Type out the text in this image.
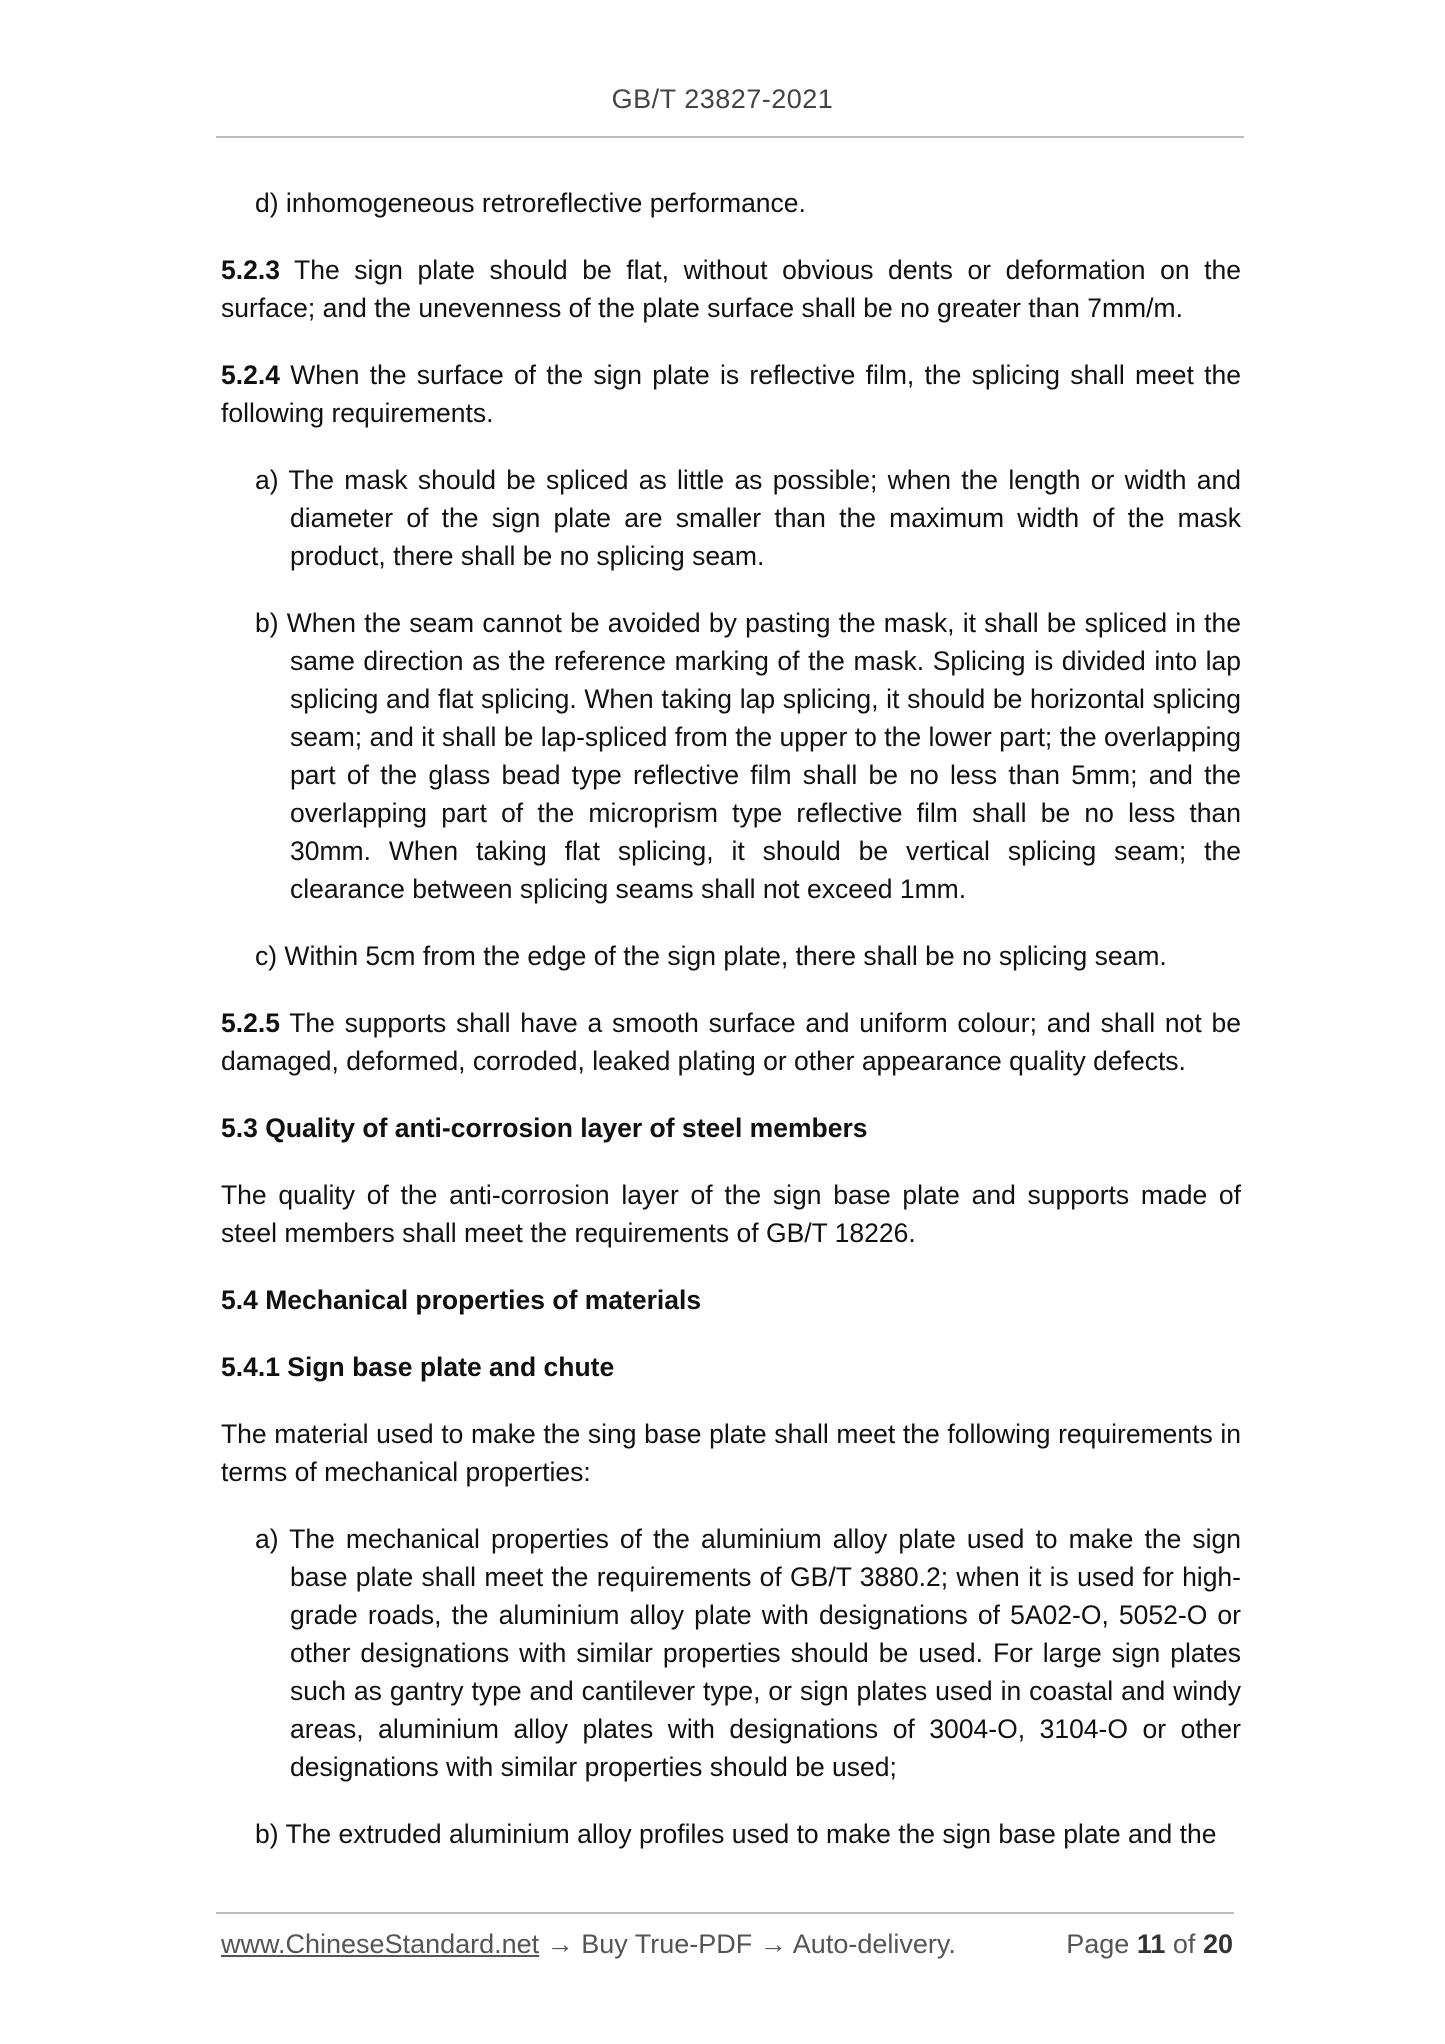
GB/T 23827-2021

d) inhomogeneous retroreflective performance.

5.2.3 The sign plate should be flat, without obvious dents or deformation on the surface; and the unevenness of the plate surface shall be no greater than 7mm/m.

5.2.4 When the surface of the sign plate is reflective film, the splicing shall meet the following requirements.

a) The mask should be spliced as little as possible; when the length or width and diameter of the sign plate are smaller than the maximum width of the mask product, there shall be no splicing seam.

b) When the seam cannot be avoided by pasting the mask, it shall be spliced in the same direction as the reference marking of the mask. Splicing is divided into lap splicing and flat splicing. When taking lap splicing, it should be horizontal splicing seam; and it shall be lap-spliced from the upper to the lower part; the overlapping part of the glass bead type reflective film shall be no less than 5mm; and the overlapping part of the microprism type reflective film shall be no less than 30mm. When taking flat splicing, it should be vertical splicing seam; the clearance between splicing seams shall not exceed 1mm.

c) Within 5cm from the edge of the sign plate, there shall be no splicing seam.

5.2.5 The supports shall have a smooth surface and uniform colour; and shall not be damaged, deformed, corroded, leaked plating or other appearance quality defects.

5.3 Quality of anti-corrosion layer of steel members

The quality of the anti-corrosion layer of the sign base plate and supports made of steel members shall meet the requirements of GB/T 18226.

5.4 Mechanical properties of materials

5.4.1 Sign base plate and chute

The material used to make the sing base plate shall meet the following requirements in terms of mechanical properties:

a) The mechanical properties of the aluminium alloy plate used to make the sign base plate shall meet the requirements of GB/T 3880.2; when it is used for high-grade roads, the aluminium alloy plate with designations of 5A02-O, 5052-O or other designations with similar properties should be used. For large sign plates such as gantry type and cantilever type, or sign plates used in coastal and windy areas, aluminium alloy plates with designations of 3004-O, 3104-O or other designations with similar properties should be used;

b) The extruded aluminium alloy profiles used to make the sign base plate and the

www.ChineseStandard.net → Buy True-PDF → Auto-delivery.	Page 11 of 20
